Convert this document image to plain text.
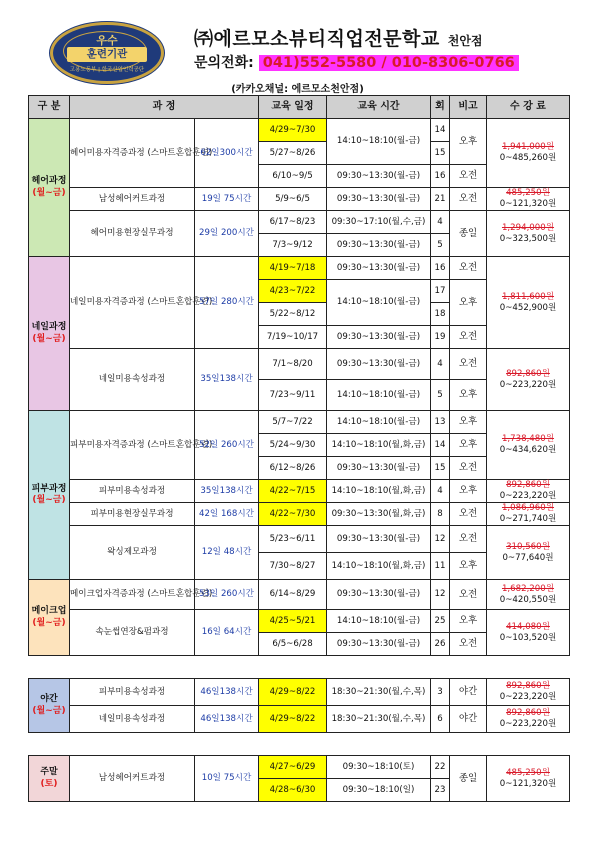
우수
훈련기관
고용노동부 | 한국산업인력공단
㈜에르모소뷰티직업전문학교 천안점
문의전화: 041)552-5580 / 010-8306-0766
(카카오채널: 에르모소천안점)
구 분	과 정		교육 일정	교육 시간	회	비고	수 강 료
헤어과정
(월~금)	헤어미용자격증과정 (스마트혼합훈련)	62일300시간	4/29~7/30	14:10~18:10(월-금)	14	오후	1,941,000원
0~485,260원

			5/27~8/26		15		
			6/10~9/5	09:30~13:30(월-금)	16	오전	
	남성헤어커트과정	19일 75시간	5/9~6/5	09:30~13:30(월-금)	21	오전	485,250원
0~121,320원

	헤어미용현장실무과정	29일 200시간	6/17~8/23	09:30~17:10(월,수,금)	4	종일	1,294,000원
0~323,500원

			7/3~9/12	09:30~13:30(월-금)	5		
네일과정
(월~금)	네일미용자격증과정 (스마트혼합훈련)	57일 280시간	4/19~7/18	09:30~13:30(월-금)	16	오전	1,811,600원
0~452,900원

			4/23~7/22	14:10~18:10(월-금)	17	오후	
			5/22~8/12		18		
			7/19~10/17	09:30~13:30(월-금)	19	오전	
	네일미용속성과정	35일138시간	7/1~8/20	09:30~13:30(월-금)	4	오전	892,860원
0~223,220원

			7/23~9/11	14:10~18:10(월-금)	5	오후	
피부과정
(월~금)	피부미용자격증과정 (스마트혼합훈련)	52일 260시간	5/7~7/22	14:10~18:10(월-금)	13	오후	1,738,480원
0~434,620원

			5/24~9/30	14:10~18:10(월,화,금)	14	오후	
			6/12~8/26	09:30~13:30(월-금)	15	오전	
	피부미용속성과정	35일138시간	4/22~7/15	14:10~18:10(월,화,금)	4	오후	892,860원
0~223,220원

	피부미용현장실무과정	42일 168시간	4/22~7/30	09:30~13:30(월,화,금)	8	오전	1,086,960원
0~271,740원

	왁싱제모과정	12일 48시간	5/23~6/11	09:30~13:30(월-금)	12	오전	310,560원
0~77,640원

			7/30~8/27	14:10~18:10(월,화,금)	11	오후	
메이크업
(월~금)	메이크업자격증과정 (스마트혼합훈련)	53일 260시간	6/14~8/29	09:30~13:30(월-금)	12	오전	1,682,200원
0~420,550원

	속눈썹연장&펌과정	16일 64시간	4/25~5/21	14:10~18:10(월-금)	25	오후	414,080원
0~103,520원

			6/5~6/28	09:30~13:30(월-금)	26	오전	

야간
(월~금)	피부미용속성과정	46일138시간	4/29~8/22	18:30~21:30(월,수,목)	3	야간	892,860원
0~223,220원

	네일미용속성과정	46일138시간	4/29~8/22	18:30~21:30(월,수,목)	6	야간	892,860원
0~223,220원

주말
(토)	남성헤어커트과정	10일 75시간	4/27~6/29	09:30~18:10(토)	22	종일	485,250원
0~121,320원

			4/28~6/30	09:30~18:10(일)	23		
